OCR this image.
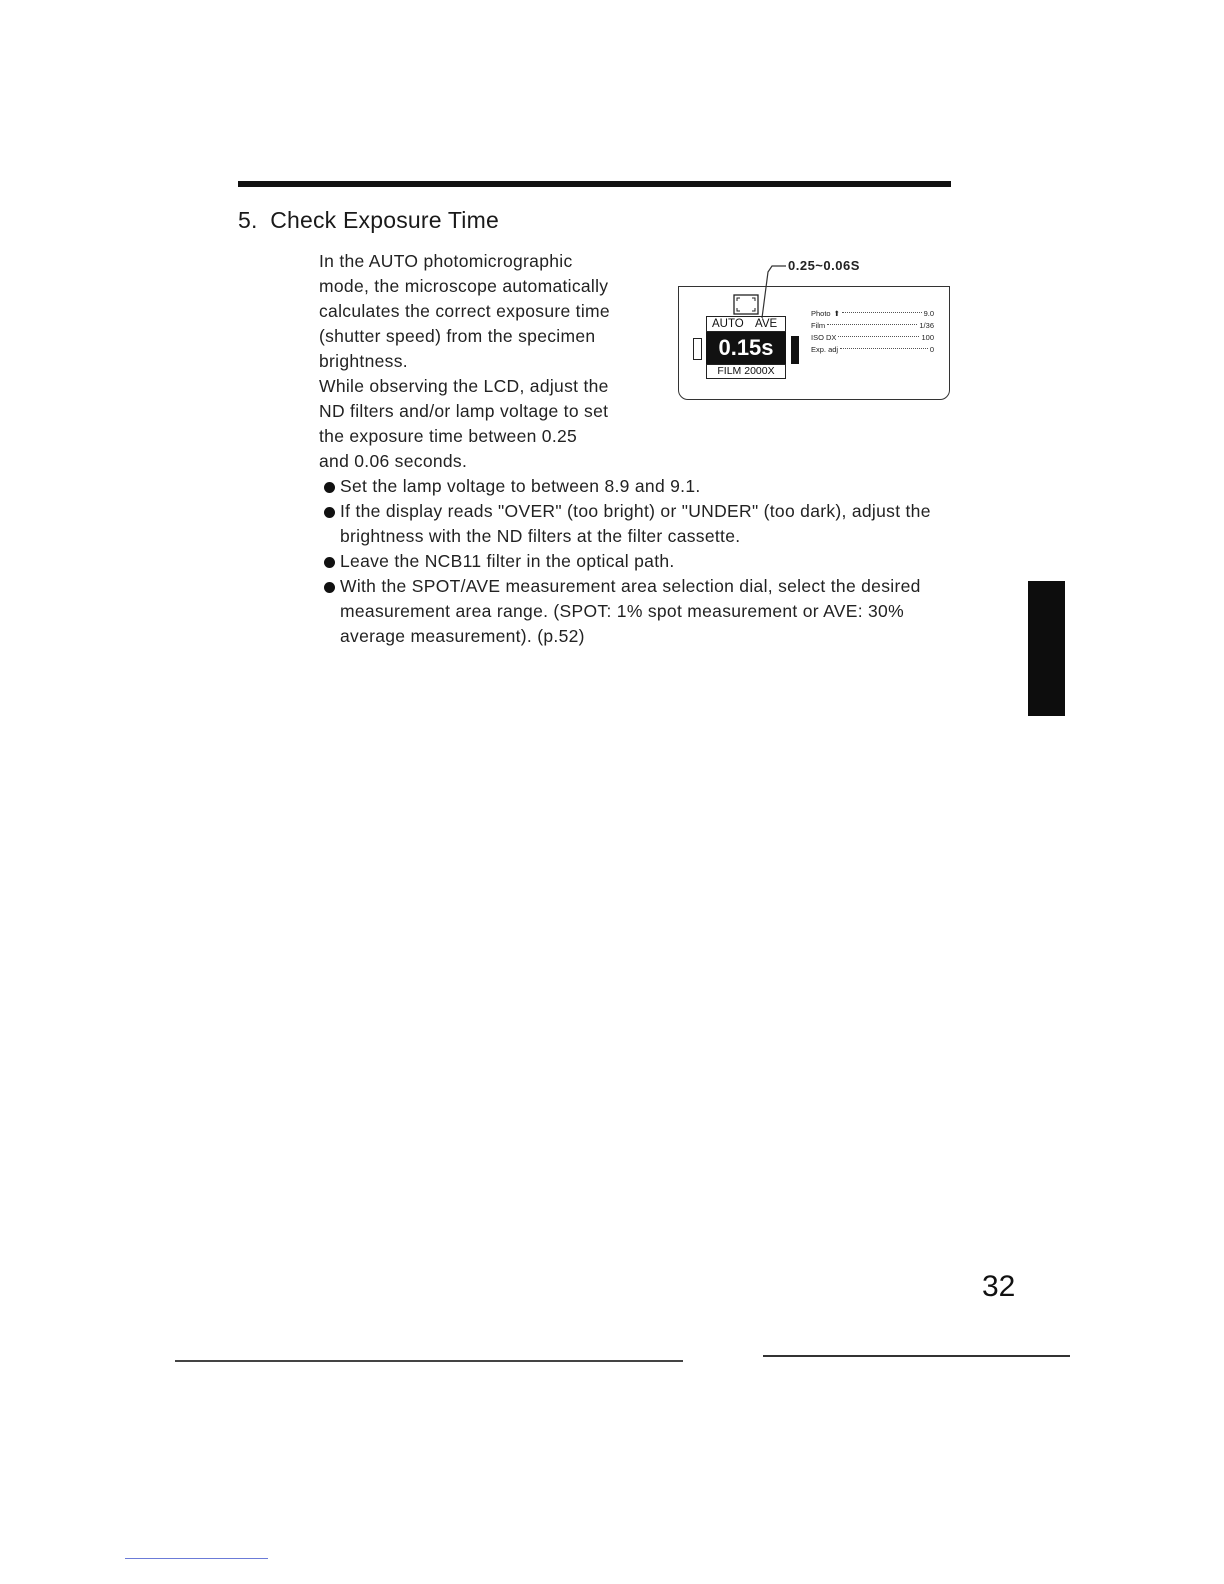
5. Check Exposure Time

In the AUTO photomicrographic

mode, the microscope automatically

calculates the correct exposure time

(shutter speed) from the specimen

brightness.

While observing the LCD, adjust the

ND filters and/or lamp voltage to set

the exposure time between 0.25

and 0.06 seconds.

0.25~0.06S
AUTO AVE
0.15s
FILM 2000X
Photo ⬆	9.0
Film	1/36
ISO DX	100
Exp. adj	0
Set the lamp voltage to between 8.9 and 9.1.
If the display reads "OVER" (too bright) or "UNDER" (too dark), adjust the brightness with the ND filters at the filter cassette.
Leave the NCB11 filter in the optical path.
With the SPOT/AVE measurement area selection dial, select the desired measurement area range. (SPOT: 1% spot measurement or AVE: 30% average measurement). (p.52)
32
